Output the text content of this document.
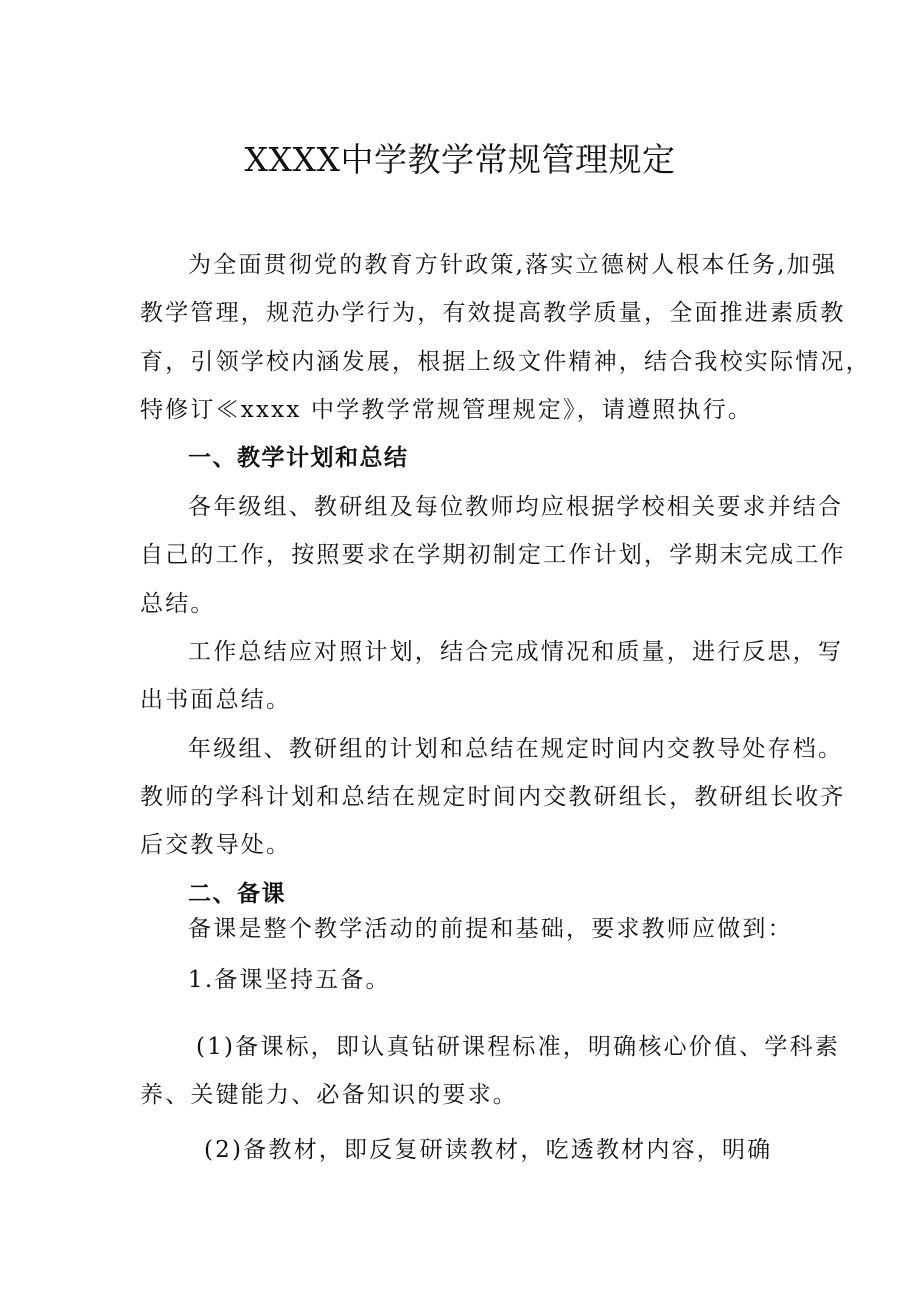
XXXX中学教学常规管理规定
为全面贯彻党的教育方针政策,落实立德树人根本任务,加强
教学管理，规范办学行为，有效提高教学质量，全面推进素质教
育，引领学校内涵发展，根据上级文件精神，结合我校实际情况，
特修订≪xxxx 中学教学常规管理规定》，请遵照执行。
一、教学计划和总结
各年级组、教研组及每位教师均应根据学校相关要求并结合
自己的工作，按照要求在学期初制定工作计划，学期末完成工作
总结。
工作总结应对照计划，结合完成情况和质量，进行反思，写
出书面总结。
年级组、教研组的计划和总结在规定时间内交教导处存档。
教师的学科计划和总结在规定时间内交教研组长，教研组长收齐
后交教导处。
二、备课
备课是整个教学活动的前提和基础，要求教师应做到：
1.备课坚持五备。
(1)备课标，即认真钻研课程标准，明确核心价值、学科素
养、关键能力、必备知识的要求。
(2)备教材，即反复研读教材，吃透教材内容，明确
